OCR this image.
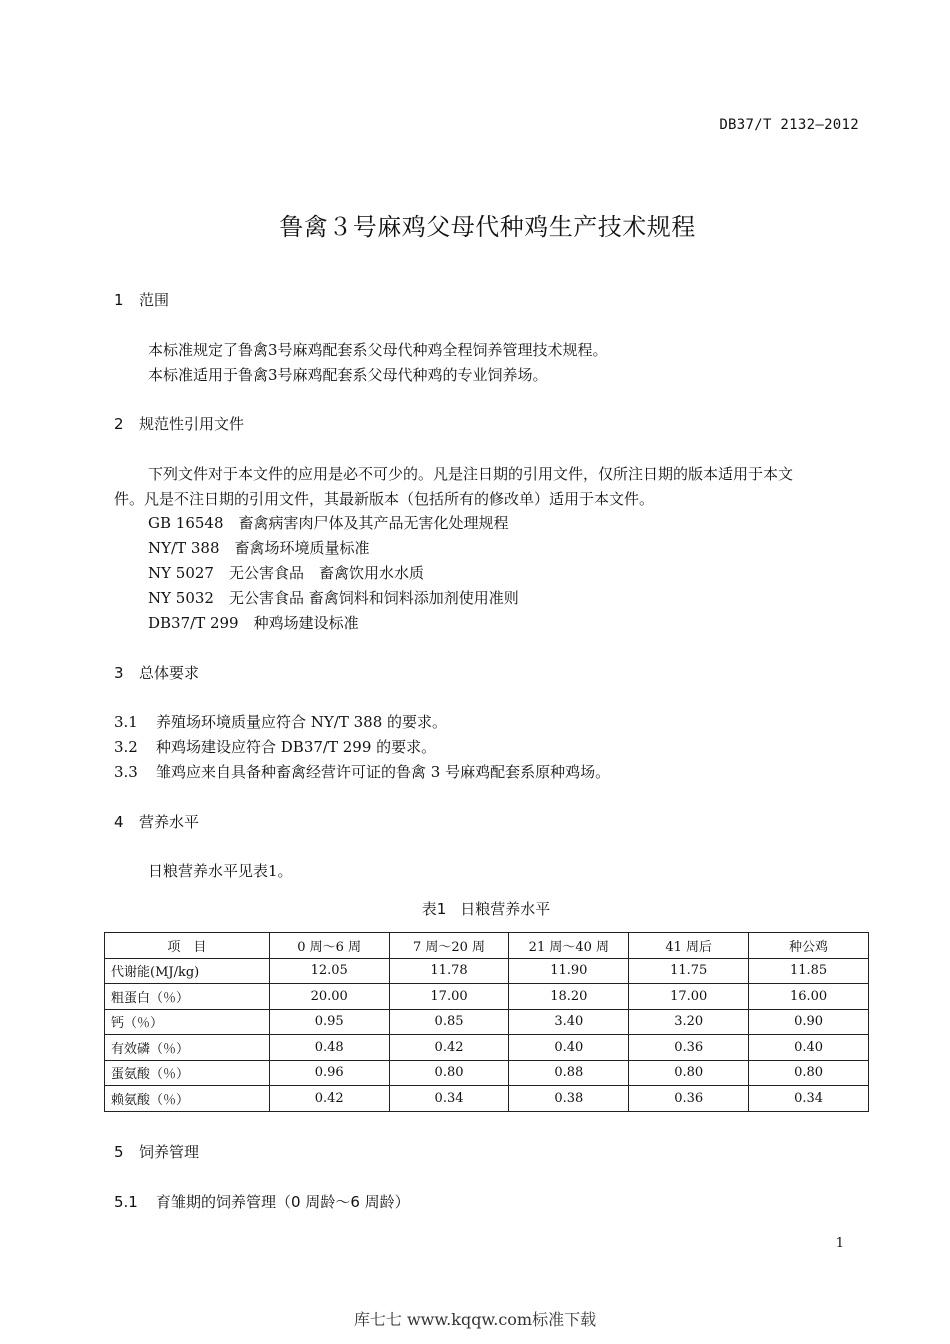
DB37/T 2132—2012
鲁禽３号麻鸡父母代种鸡生产技术规程
1 范围
本标准规定了鲁禽3号麻鸡配套系父母代种鸡全程饲养管理技术规程。
本标准适用于鲁禽3号麻鸡配套系父母代种鸡的专业饲养场。
2 规范性引用文件
下列文件对于本文件的应用是必不可少的。凡是注日期的引用文件，仅所注日期的版本适用于本文
件。凡是不注日期的引用文件，其最新版本（包括所有的修改单）适用于本文件。
GB 16548　畜禽病害肉尸体及其产品无害化处理规程
NY/T 388　畜禽场环境质量标准
NY 5027　无公害食品　畜禽饮用水水质
NY 5032　无公害食品 畜禽饲料和饲料添加剂使用准则
DB37/T 299　种鸡场建设标准
3 总体要求
3.1 养殖场环境质量应符合 NY/T 388 的要求。
3.2 种鸡场建设应符合 DB37/T 299 的要求。
3.3 雏鸡应来自具备种畜禽经营许可证的鲁禽 3 号麻鸡配套系原种鸡场。
4 营养水平
日粮营养水平见表1。
表1 日粮营养水平
项　目	0 周～6 周	7 周～20 周	21 周～40 周	41 周后	种公鸡
代谢能(MJ/kg)	12.05	11.78	11.90	11.75	11.85
粗蛋白（％）	20.00	17.00	18.20	17.00	16.00
钙（％）	0.95	0.85	3.40	3.20	0.90
有效磷（％）	0.48	0.42	0.40	0.36	0.40
蛋氨酸（％）	0.96	0.80	0.88	0.80	0.80
赖氨酸（％）	0.42	0.34	0.38	0.36	0.34
5 饲养管理
5.1 育雏期的饲养管理（0 周龄～6 周龄）
1
库七七 www.kqqw.com标准下载
